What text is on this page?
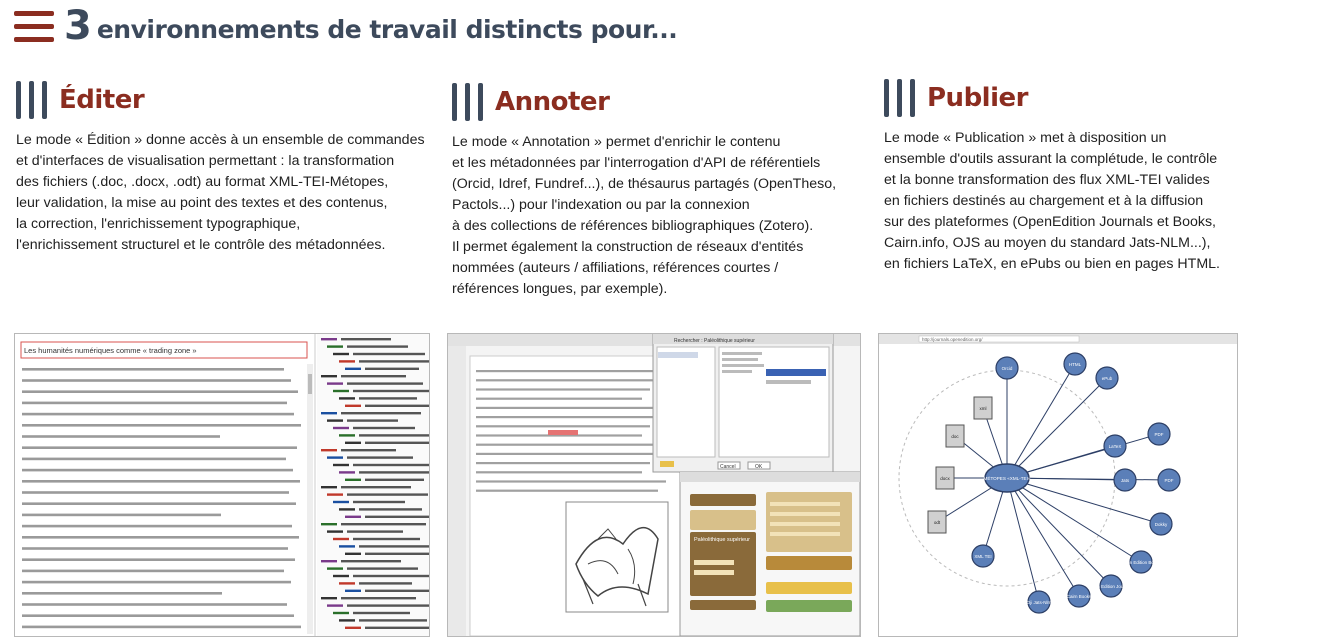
3 environnements de travail distincts pour...
Éditer
Le mode « Édition » donne accès à un ensemble de commandes
et d'interfaces de visualisation permettant : la transformation
des fichiers (.doc, .docx, .odt) au format XML-TEI-Métopes,
leur validation, la mise au point des textes et des contenus,
la correction, l'enrichissement typographique,
l'enrichissement structurel et le contrôle des métadonnées.
Annoter
Le mode « Annotation » permet d'enrichir le contenu
et les métadonnées par l'interrogation d'API de référentiels
(Orcid, Idref, Fundref...), de thésaurus partagés (OpenTheso,
Pactols...) pour l'indexation ou par la connexion
à des collections de références bibliographiques (Zotero).
Il permet également la construction de réseaux d'entités
nommées (auteurs / affiliations, références courtes /
références longues, par exemple).
Publier
Le mode « Publication » met à disposition un
ensemble d'outils assurant la complétude, le contrôle
et la bonne transformation des flux XML-TEI valides
en fichiers destinés au chargement et à la diffusion
sur des plateformes (OpenEdition Journals et Books,
Cairn.info, OJS au moyen du standard Jats-NLM...),
en fichiers LaTeX, en ePubs ou bien en pages HTML.
Les humanités numériques comme « trading zone »
Rechercher : Paléolithique supérieur
Cancel	OK
Paléolithique supérieur
http://journals.openedition.org/
Orcid
HTML
ePub
PDF
LaTeX
PDF
Jats
Dokky
Open Edition Books
Open Edition Journals
Cairn Books
Oji Jats-Nlm
XML TEI
odt
docx
doc
xml
MÉTOPES «XML-TEI»
